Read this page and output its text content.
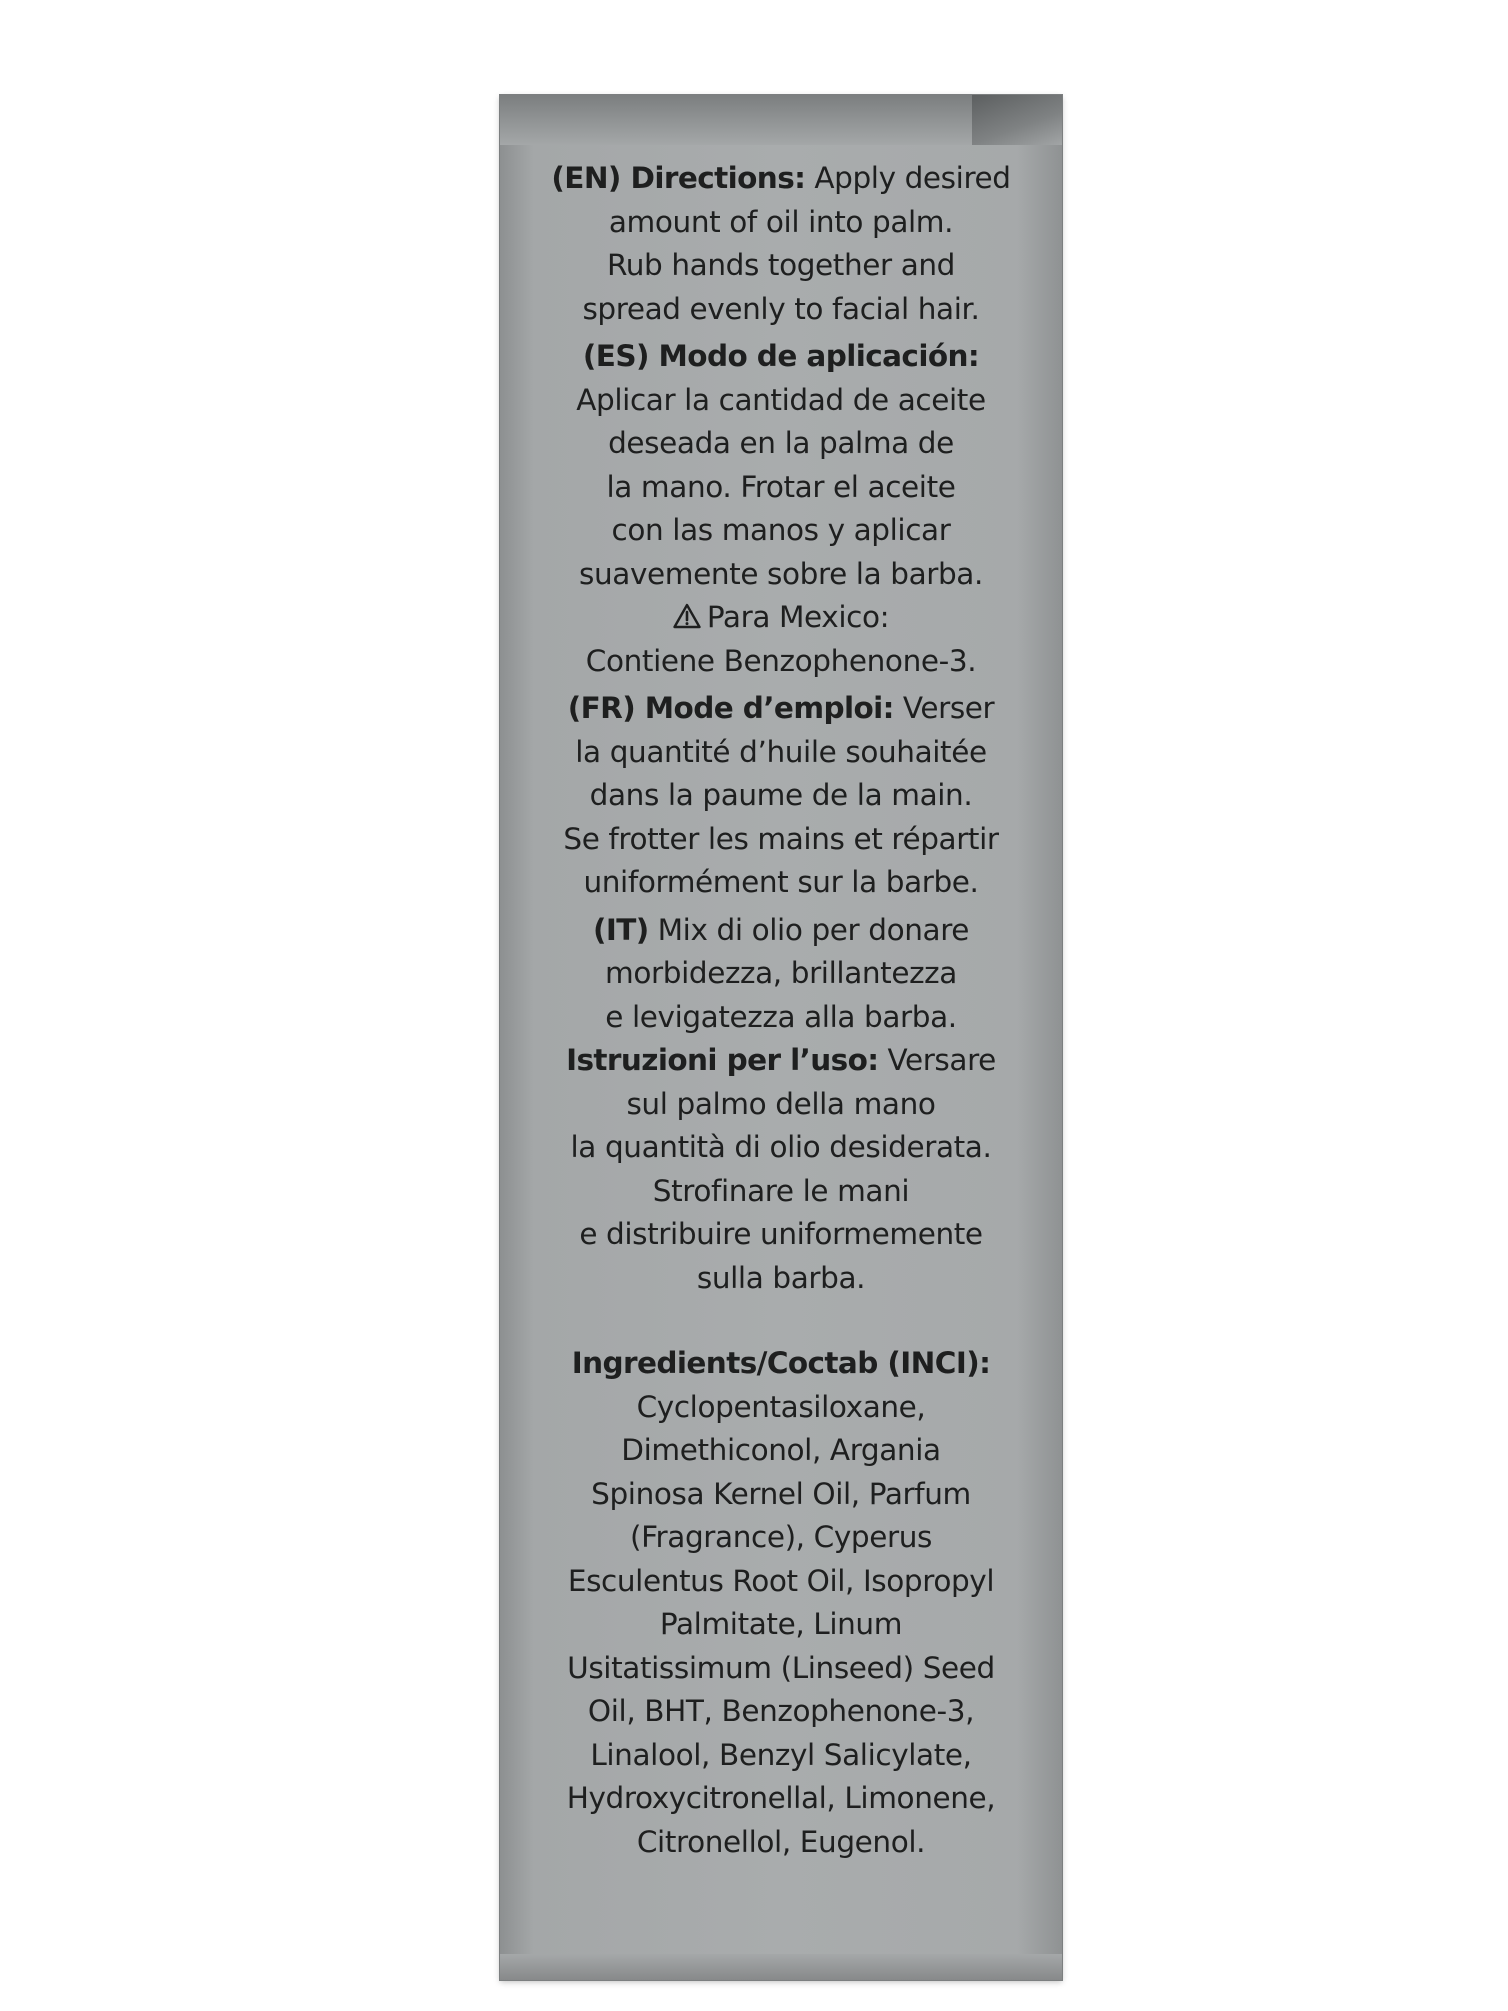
(EN) Directions: Apply desired
amount of oil into palm.
Rub hands together and
spread evenly to facial hair.

(ES) Modo de aplicación:
Aplicar la cantidad de aceite
deseada en la palma de
la mano. Frotar el aceite
con las manos y aplicar
suavemente sobre la barba.
Para Mexico:
Contiene Benzophenone-3.

(FR) Mode d’emploi: Verser
la quantité d’huile souhaitée
dans la paume de la main.
Se frotter les mains et répartir
uniformément sur la barbe.

(IT) Mix di olio per donare
morbidezza, brillantezza
e levigatezza alla barba.
Istruzioni per l’uso: Versare
sul palmo della mano
la quantità di olio desiderata.
Strofinare le mani
e distribuire uniformemente
sulla barba.

Ingredients/Coctab (INCI):
Cyclopentasiloxane,
Dimethiconol, Argania
Spinosa Kernel Oil, Parfum
(Fragrance), Cyperus
Esculentus Root Oil, Isopropyl
Palmitate, Linum
Usitatissimum (Linseed) Seed
Oil, BHT, Benzophenone-3,
Linalool, Benzyl Salicylate,
Hydroxycitronellal, Limonene,
Citronellol, Eugenol.
